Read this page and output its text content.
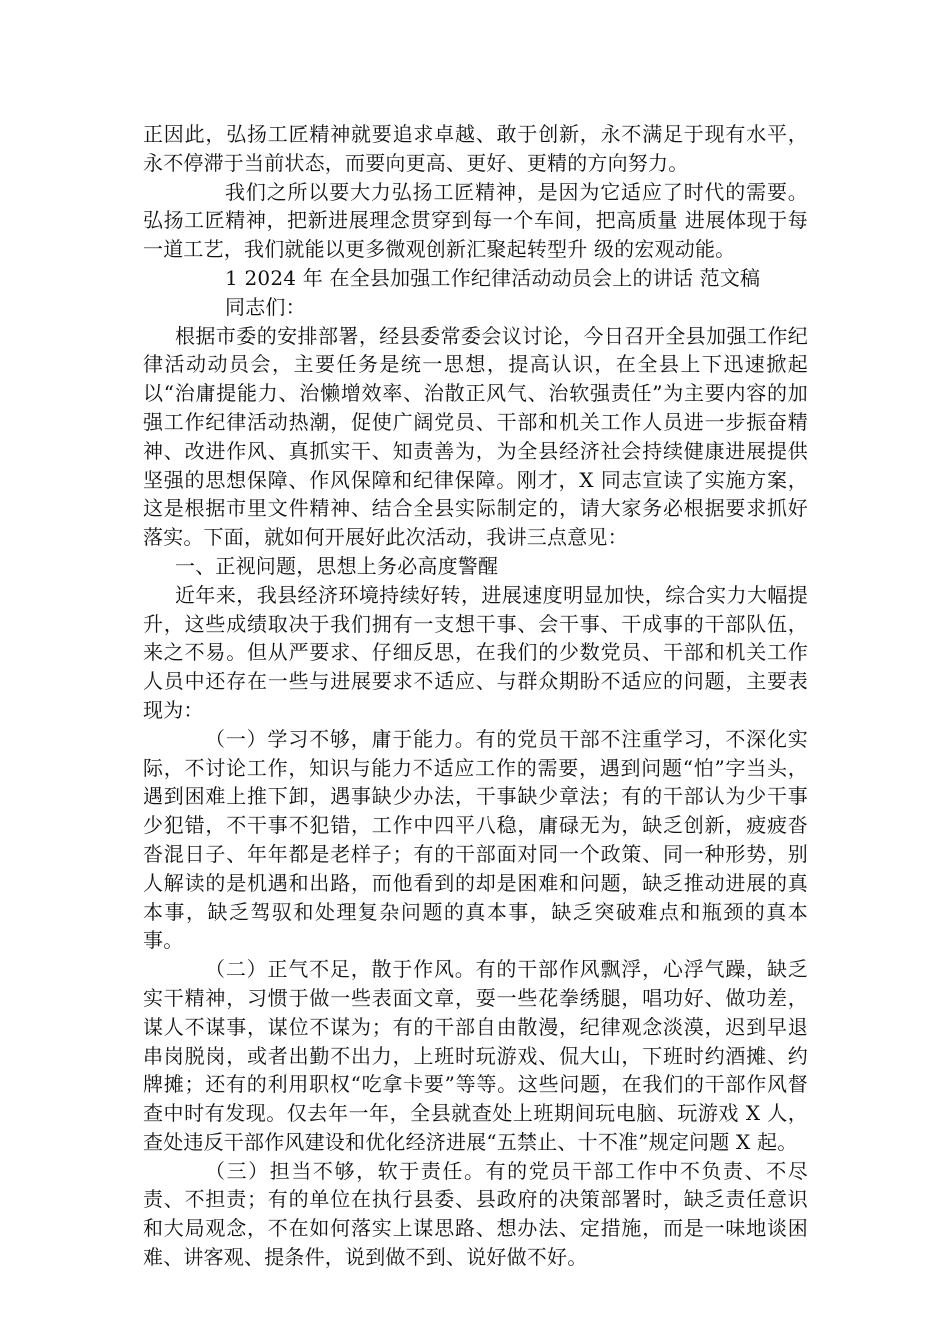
正因此，弘扬工匠精神就要追求卓越、敢于创新，永不满足于现有水平，永不停滞于当前状态，而要向更高、更好、更精的方向努力。

我们之所以要大力弘扬工匠精神，是因为它适应了时代的需要。弘扬工匠精神，把新进展理念贯穿到每一个车间，把高质量 进展体现于每一道工艺，我们就能以更多微观创新汇聚起转型升 级的宏观动能。

1 2024 年 在全县加强工作纪律活动动员会上的讲话 范文稿

同志们：

根据市委的安排部署，经县委常委会议讨论，今日召开全县加强工作纪律活动动员会，主要任务是统一思想，提高认识，在全县上下迅速掀起以“治庸提能力、治懒增效率、治散正风气、治软强责任”为主要内容的加强工作纪律活动热潮，促使广阔党员、干部和机关工作人员进一步振奋精神、改进作风、真抓实干、知责善为，为全县经济社会持续健康进展提供坚强的思想保障、作风保障和纪律保障。刚才，X 同志宣读了实施方案，这是根据市里文件精神、结合全县实际制定的，请大家务必根据要求抓好落实。下面，就如何开展好此次活动，我讲三点意见：

一、正视问题，思想上务必高度警醒

近年来，我县经济环境持续好转，进展速度明显加快，综合实力大幅提升，这些成绩取决于我们拥有一支想干事、会干事、干成事的干部队伍，来之不易。但从严要求、仔细反思，在我们的少数党员、干部和机关工作人员中还存在一些与进展要求不适应、与群众期盼不适应的问题，主要表现为：

（一）学习不够，庸于能力。有的党员干部不注重学习，不深化实际，不讨论工作，知识与能力不适应工作的需要，遇到问题“怕”字当头，遇到困难上推下卸，遇事缺少办法，干事缺少章法；有的干部认为少干事少犯错，不干事不犯错，工作中四平八稳，庸碌无为，缺乏创新，疲疲沓沓混日子、年年都是老样子；有的干部面对同一个政策、同一种形势，别人解读的是机遇和出路，而他看到的却是困难和问题，缺乏推动进展的真本事，缺乏驾驭和处理复杂问题的真本事，缺乏突破难点和瓶颈的真本事。

（二）正气不足，散于作风。有的干部作风飘浮，心浮气躁，缺乏实干精神，习惯于做一些表面文章，耍一些花拳绣腿，唱功好、做功差，谋人不谋事，谋位不谋为；有的干部自由散漫，纪律观念淡漠，迟到早退串岗脱岗，或者出勤不出力，上班时玩游戏、侃大山，下班时约酒摊、约牌摊；还有的利用职权“吃拿卡要”等等。这些问题，在我们的干部作风督查中时有发现。仅去年一年，全县就查处上班期间玩电脑、玩游戏 X 人，查处违反干部作风建设和优化经济进展“五禁止、十不准”规定问题 X 起。

（三）担当不够，软于责任。有的党员干部工作中不负责、不尽责、不担责；有的单位在执行县委、县政府的决策部署时，缺乏责任意识和大局观念，不在如何落实上谋思路、想办法、定措施，而是一味地谈困难、讲客观、提条件，说到做不到、说好做不好。
